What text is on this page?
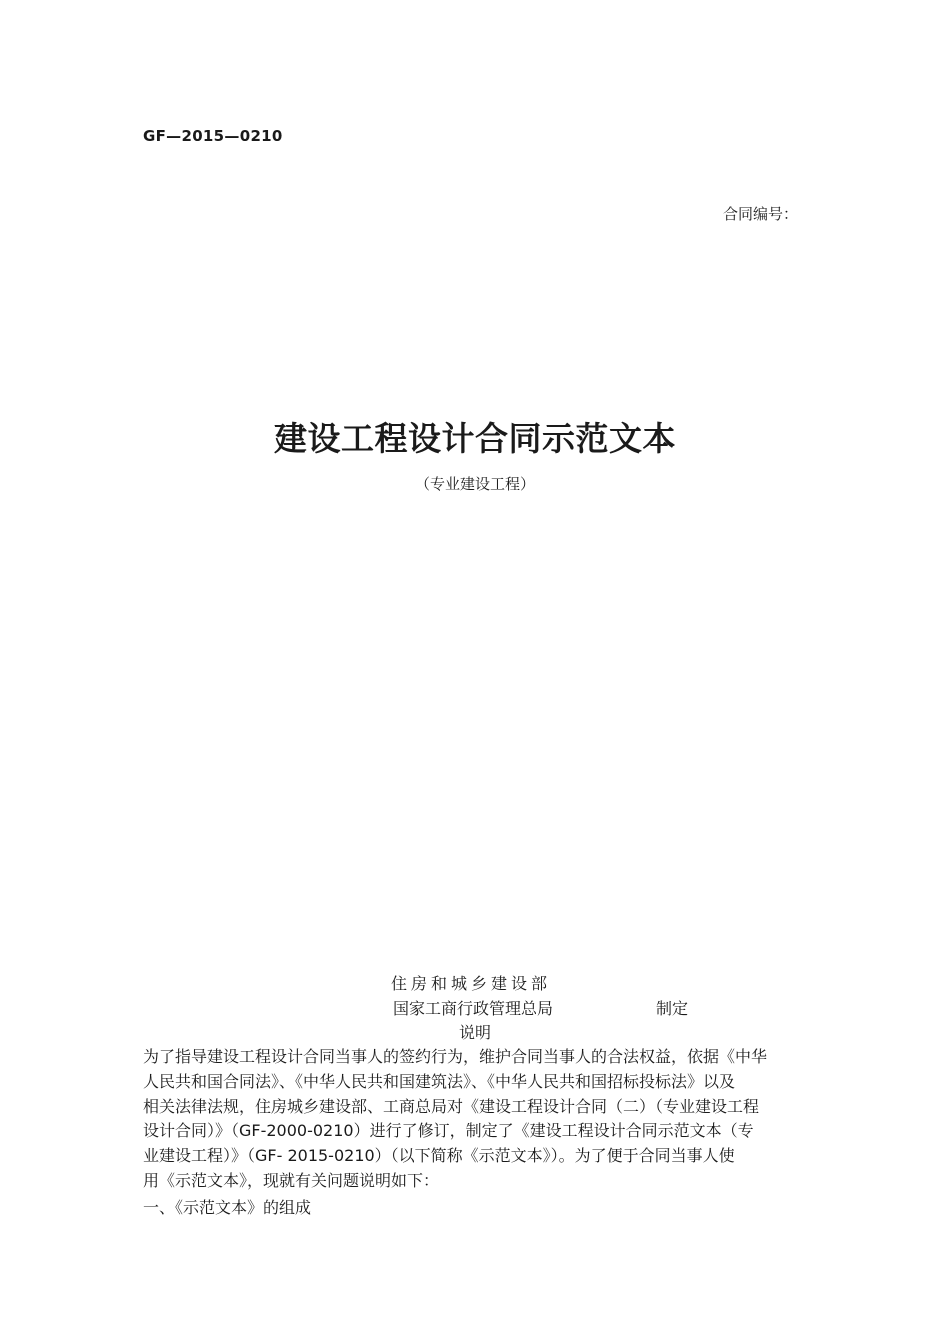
GF—2015—0210
合同编号：
建设工程设计合同示范文本
（专业建设工程）
住房和城乡建设部
国家工商行政管理总局	制定
说明
为了指导建设工程设计合同当事人的签约行为，维护合同当事人的合法权益，依据《中华
人民共和国合同法》、《中华人民共和国建筑法》、《中华人民共和国招标投标法》以及
相关法律法规，住房城乡建设部、工商总局对《建设工程设计合同（二）（专业建设工程
设计合同）》（GF-2000-0210）进行了修订，制定了《建设工程设计合同示范文本（专
业建设工程）》（GF- 2015-0210）（以下简称《示范文本》）。为了便于合同当事人使
用《示范文本》，现就有关问题说明如下：
一、《示范文本》的组成
